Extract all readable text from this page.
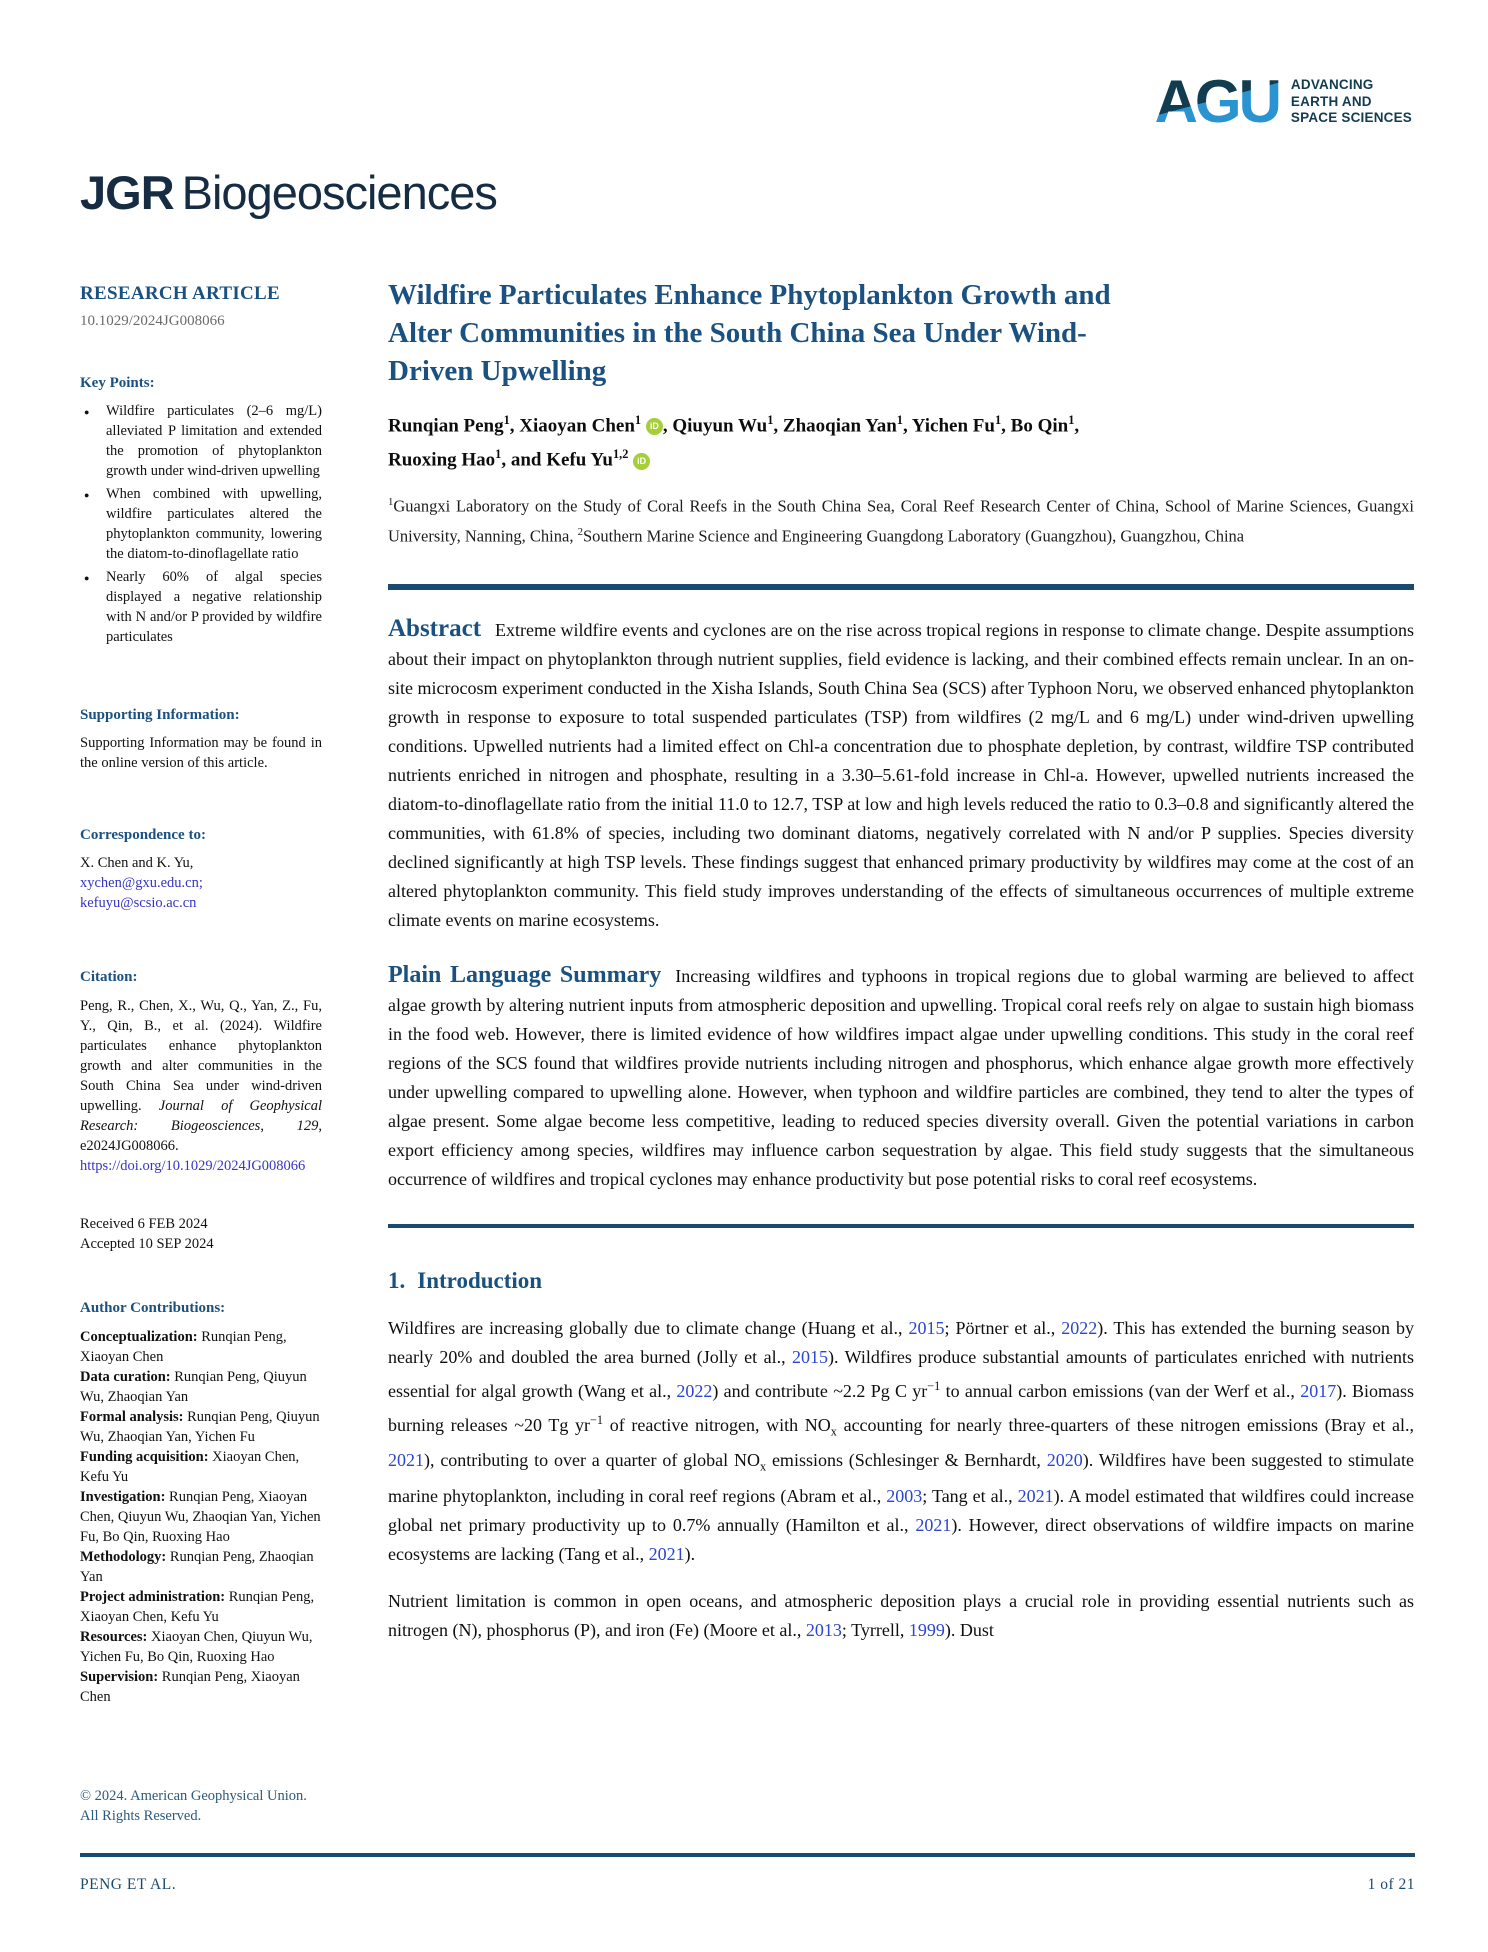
AGU ADVANCING
EARTH AND
SPACE SCIENCES
JGR Biogeosciences
RESEARCH ARTICLE
10.1029/2024JG008066
Key Points:
● Wildfire particulates (2–6 mg/L) alleviated P limitation and extended the promotion of phytoplankton growth under wind-driven upwelling
● When combined with upwelling, wildfire particulates altered the phytoplankton community, lowering the diatom-to-dinoflagellate ratio
● Nearly 60% of algal species displayed a negative relationship with N and/or P provided by wildfire particulates
Supporting Information:
Supporting Information may be found in the online version of this article.
Correspondence to:
X. Chen and K. Yu,
xychen@gxu.edu.cn;
kefuyu@scsio.ac.cn
Citation:
Peng, R., Chen, X., Wu, Q., Yan, Z., Fu, Y., Qin, B., et al. (2024). Wildfire particulates enhance phytoplankton growth and alter communities in the South China Sea under wind-driven upwelling. Journal of Geophysical Research: Biogeosciences, 129, e2024JG008066. https://doi.org/10.1029/2024JG008066
Received 6 FEB 2024
Accepted 10 SEP 2024
Author Contributions:
Conceptualization: Runqian Peng, Xiaoyan Chen
Data curation: Runqian Peng, Qiuyun Wu, Zhaoqian Yan
Formal analysis: Runqian Peng, Qiuyun Wu, Zhaoqian Yan, Yichen Fu
Funding acquisition: Xiaoyan Chen, Kefu Yu
Investigation: Runqian Peng, Xiaoyan Chen, Qiuyun Wu, Zhaoqian Yan, Yichen Fu, Bo Qin, Ruoxing Hao
Methodology: Runqian Peng, Zhaoqian Yan
Project administration: Runqian Peng, Xiaoyan Chen, Kefu Yu
Resources: Xiaoyan Chen, Qiuyun Wu, Yichen Fu, Bo Qin, Ruoxing Hao
Supervision: Runqian Peng, Xiaoyan Chen
© 2024. American Geophysical Union. All Rights Reserved.
Wildfire Particulates Enhance Phytoplankton Growth and
Alter Communities in the South China Sea Under Wind-
Driven Upwelling
Runqian Peng$^1$, Xiaoyan Chen$^1$ iD , Qiuyun Wu$^1$, Zhaoqian Yan$^1$, Yichen Fu$^1$, Bo Qin$^1$,
Ruoxing Hao$^1$, and Kefu Yu$^{1,2}$ iD
$^1$Guangxi Laboratory on the Study of Coral Reefs in the South China Sea, Coral Reef Research Center of China, School of Marine Sciences, Guangxi University, Nanning, China, $^2$Southern Marine Science and Engineering Guangdong Laboratory (Guangzhou), Guangzhou, China
Abstract Extreme wildfire events and cyclones are on the rise across tropical regions in response to climate change. Despite assumptions about their impact on phytoplankton through nutrient supplies, field evidence is lacking, and their combined effects remain unclear. In an on-site microcosm experiment conducted in the Xisha Islands, South China Sea (SCS) after Typhoon Noru, we observed enhanced phytoplankton growth in response to exposure to total suspended particulates (TSP) from wildfires (2 mg/L and 6 mg/L) under wind-driven upwelling conditions. Upwelled nutrients had a limited effect on Chl-a concentration due to phosphate depletion, by contrast, wildfire TSP contributed nutrients enriched in nitrogen and phosphate, resulting in a 3.30–5.61-fold increase in Chl-a. However, upwelled nutrients increased the diatom-to-dinoflagellate ratio from the initial 11.0 to 12.7, TSP at low and high levels reduced the ratio to 0.3–0.8 and significantly altered the communities, with 61.8% of species, including two dominant diatoms, negatively correlated with N and/or P supplies. Species diversity declined significantly at high TSP levels. These findings suggest that enhanced primary productivity by wildfires may come at the cost of an altered phytoplankton community. This field study improves understanding of the effects of simultaneous occurrences of multiple extreme climate events on marine ecosystems.
Plain Language Summary Increasing wildfires and typhoons in tropical regions due to global warming are believed to affect algae growth by altering nutrient inputs from atmospheric deposition and upwelling. Tropical coral reefs rely on algae to sustain high biomass in the food web. However, there is limited evidence of how wildfires impact algae under upwelling conditions. This study in the coral reef regions of the SCS found that wildfires provide nutrients including nitrogen and phosphorus, which enhance algae growth more effectively under upwelling compared to upwelling alone. However, when typhoon and wildfire particles are combined, they tend to alter the types of algae present. Some algae become less competitive, leading to reduced species diversity overall. Given the potential variations in carbon export efficiency among species, wildfires may influence carbon sequestration by algae. This field study suggests that the simultaneous occurrence of wildfires and tropical cyclones may enhance productivity but pose potential risks to coral reef ecosystems.
1. Introduction
Wildfires are increasing globally due to climate change (Huang et al., 2015; Pörtner et al., 2022). This has extended the burning season by nearly 20% and doubled the area burned (Jolly et al., 2015). Wildfires produce substantial amounts of particulates enriched with nutrients essential for algal growth (Wang et al., 2022) and contribute ~2.2 Pg C $yr^{-1}$ to annual carbon emissions (van der Werf et al., 2017). Biomass burning releases ~20 Tg $yr^{-1}$ of reactive nitrogen, with $NO_x$ accounting for nearly three-quarters of these nitrogen emissions (Bray et al., 2021), contributing to over a quarter of global $NO_x$ emissions (Schlesinger & Bernhardt, 2020). Wildfires have been suggested to stimulate marine phytoplankton, including in coral reef regions (Abram et al., 2003; Tang et al., 2021). A model estimated that wildfires could increase global net primary productivity up to 0.7% annually (Hamilton et al., 2021). However, direct observations of wildfire impacts on marine ecosystems are lacking (Tang et al., 2021).
Nutrient limitation is common in open oceans, and atmospheric deposition plays a crucial role in providing essential nutrients such as nitrogen (N), phosphorus (P), and iron (Fe) (Moore et al., 2013; Tyrrell, 1999). Dust
PENG ET AL.	1 of 21
